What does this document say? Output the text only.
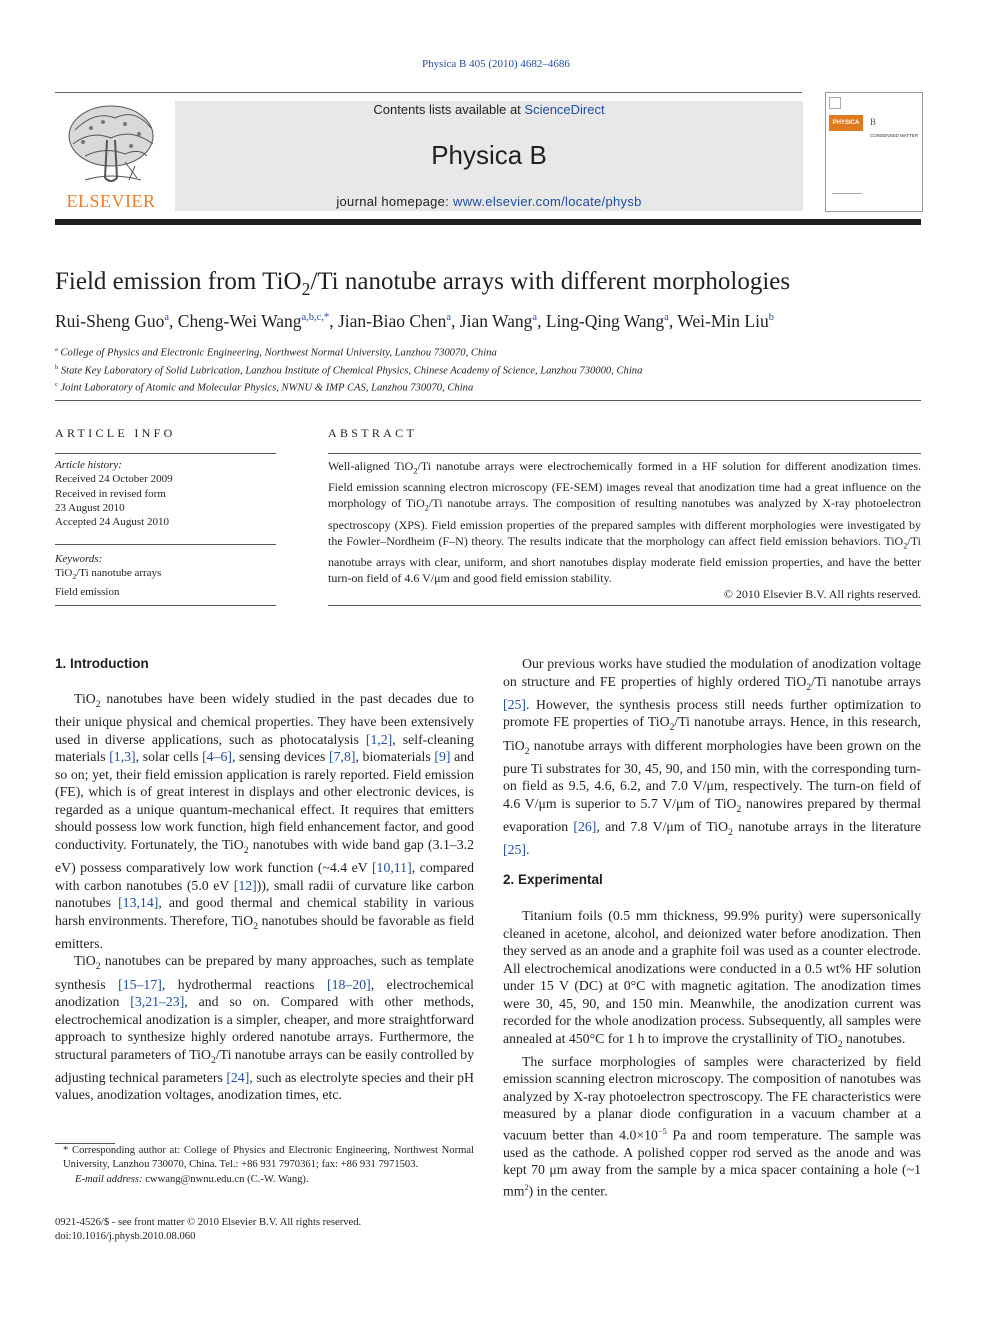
Physica B 405 (2010) 4682–4686
ELSEVIER
Contents lists available at ScienceDirect
Physica B
journal homepage: www.elsevier.com/locate/physb
PHYSICA	B
CONDENSED MATTER
Field emission from TiO$_2$/Ti nanotube arrays with different morphologies
Rui-Sheng Guo$^a$, Cheng-Wei Wang$^{a,b,c,*}$, Jian-Biao Chen$^a$, Jian Wang$^a$, Ling-Qing Wang$^a$, Wei-Min Liu$^b$
$^a$ College of Physics and Electronic Engineering, Northwest Normal University, Lanzhou 730070, China
$^b$ State Key Laboratory of Solid Lubrication, Lanzhou Institute of Chemical Physics, Chinese Academy of Science, Lanzhou 730000, China
$^c$ Joint Laboratory of Atomic and Molecular Physics, NWNU & IMP CAS, Lanzhou 730070, China
ARTICLE INFO
Article history:
Received 24 October 2009
Received in revised form
23 August 2010
Accepted 24 August 2010
Keywords:
TiO$_2$/Ti nanotube arrays
Field emission
ABSTRACT
Well-aligned TiO$_2$/Ti nanotube arrays were electrochemically formed in a HF solution for different anodization times. Field emission scanning electron microscopy (FE-SEM) images reveal that anodization time had a great influence on the morphology of TiO$_2$/Ti nanotube arrays. The composition of resulting nanotubes was analyzed by X-ray photoelectron spectroscopy (XPS). Field emission properties of the prepared samples with different morphologies were investigated by the Fowler–Nordheim (F–N) theory. The results indicate that the morphology can affect field emission behaviors. TiO$_2$/Ti nanotube arrays with clear, uniform, and short nanotubes display moderate field emission properties, and have the better turn-on field of 4.6 V/μm and good field emission stability.
© 2010 Elsevier B.V. All rights reserved.
1. Introduction

TiO$_2$ nanotubes have been widely studied in the past decades due to their unique physical and chemical properties. They have been extensively used in diverse applications, such as photocatalysis [1,2], self-cleaning materials [1,3], solar cells [4–6], sensing devices [7,8], biomaterials [9] and so on; yet, their field emission application is rarely reported. Field emission (FE), which is of great interest in displays and other electronic devices, is regarded as a unique quantum-mechanical effect. It requires that emitters should possess low work function, high field enhancement factor, and good conductivity. Fortunately, the TiO$_2$ nanotubes with wide band gap (3.1–3.2 eV) possess comparatively low work function (~4.4 eV [10,11], compared with carbon nanotubes (5.0 eV [12])), small radii of curvature like carbon nanotubes [13,14], and good thermal and chemical stability in various harsh environments. Therefore, TiO$_2$ nanotubes should be favorable as field emitters.

TiO$_2$ nanotubes can be prepared by many approaches, such as template synthesis [15–17], hydrothermal reactions [18–20], electrochemical anodization [3,21–23], and so on. Compared with other methods, electrochemical anodization is a simpler, cheaper, and more straightforward approach to synthesize highly ordered nanotube arrays. Furthermore, the structural parameters of TiO$_2$/Ti nanotube arrays can be easily controlled by adjusting technical parameters [24], such as electrolyte species and their pH values, anodization voltages, anodization times, etc.

* Corresponding author at: College of Physics and Electronic Engineering, Northwest Normal University, Lanzhou 730070, China. Tel.: +86 931 7970361; fax: +86 931 7971503.
E-mail address: cwwang@nwnu.edu.cn (C.-W. Wang).
0921-4526/$ - see front matter © 2010 Elsevier B.V. All rights reserved.
doi:10.1016/j.physb.2010.08.060

Our previous works have studied the modulation of anodization voltage on structure and FE properties of highly ordered TiO$_2$/Ti nanotube arrays [25]. However, the synthesis process still needs further optimization to promote FE properties of TiO$_2$/Ti nanotube arrays. Hence, in this research, TiO$_2$ nanotube arrays with different morphologies have been grown on the pure Ti substrates for 30, 45, 90, and 150 min, with the corresponding turn-on field as 9.5, 4.6, 6.2, and 7.0 V/μm, respectively. The turn-on field of 4.6 V/μm is superior to 5.7 V/μm of TiO$_2$ nanowires prepared by thermal evaporation [26], and 7.8 V/μm of TiO$_2$ nanotube arrays in the literature [25].

2. Experimental

Titanium foils (0.5 mm thickness, 99.9% purity) were supersonically cleaned in acetone, alcohol, and deionized water before anodization. Then they served as an anode and a graphite foil was used as a counter electrode. All electrochemical anodizations were conducted in a 0.5 wt% HF solution under 15 V (DC) at 0°C with magnetic agitation. The anodization times were 30, 45, 90, and 150 min. Meanwhile, the anodization current was recorded for the whole anodization process. Subsequently, all samples were annealed at 450°C for 1 h to improve the crystallinity of TiO$_2$ nanotubes.

The surface morphologies of samples were characterized by field emission scanning electron microscopy. The composition of nanotubes was analyzed by X-ray photoelectron spectroscopy. The FE characteristics were measured by a planar diode configuration in a vacuum chamber at a vacuum better than $4.0\times 10^{-5}$ Pa and room temperature. The sample was used as the cathode. A polished copper rod served as the anode and was kept 70 μm away from the sample by a mica spacer containing a hole (~1 $mm^2$) in the center.
